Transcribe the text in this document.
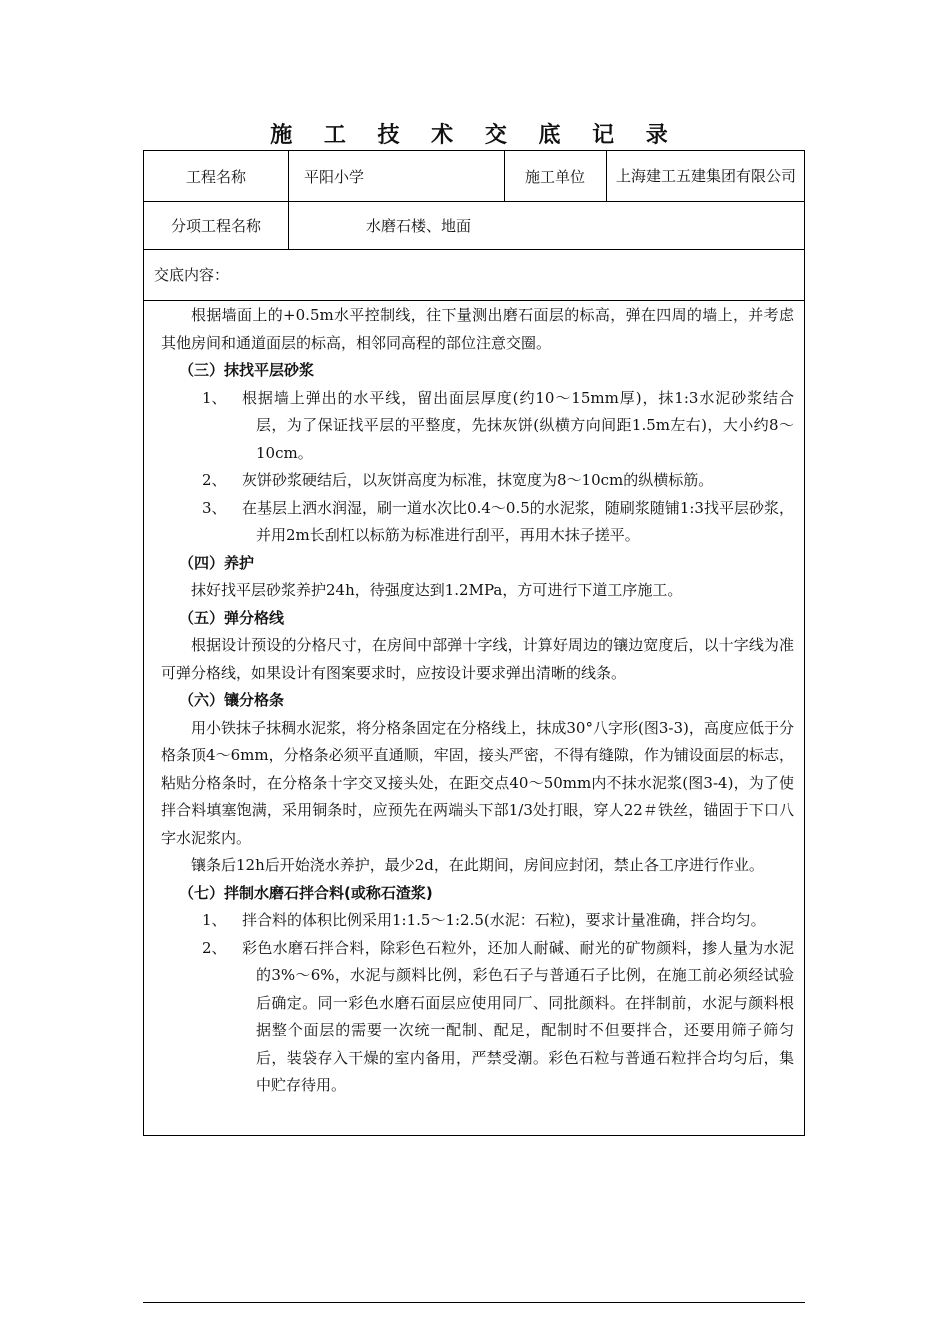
施 工 技 术 交 底 记 录
工程名称	平阳小学	施工单位	上海建工五建集团有限公司
分项工程名称	水磨石楼、地面
交底内容：

根据墙面上的+0.5m水平控制线，往下量测出磨石面层的标高，弹在四周的墙上，并考虑其他房间和通道面层的标高，相邻同高程的部位注意交圈。

（三）抹找平层砂浆

1、 根据墙上弹出的水平线，留出面层厚度(约10～15mm厚)，抹1:3水泥砂浆结合层，为了保证找平层的平整度，先抹灰饼(纵横方向间距1.5m左右)，大小约8～10cm。
2、 灰饼砂浆硬结后，以灰饼高度为标准，抹宽度为8～10cm的纵横标筋。
3、 在基层上洒水润湿，刷一道水次比0.4～0.5的水泥浆，随刷浆随铺1:3找平层砂浆，并用2m长刮杠以标筋为标准进行刮平，再用木抹子搓平。

（四）养护

抹好找平层砂浆养护24h，待强度达到1.2MPa，方可进行下道工序施工。

（五）弹分格线

根据设计预设的分格尺寸，在房间中部弹十字线，计算好周边的镶边宽度后，以十字线为准可弹分格线，如果设计有图案要求时，应按设计要求弹出清晰的线条。

（六）镶分格条

用小铁抹子抹稠水泥浆，将分格条固定在分格线上，抹成30°八字形(图3-3)，高度应低于分格条顶4～6mm，分格条必须平直通顺，牢固，接头严密，不得有缝隙，作为铺设面层的标志，粘贴分格条时，在分格条十字交叉接头处，在距交点40～50mm内不抹水泥浆(图3-4)，为了使拌合料填塞饱满，采用铜条时，应预先在两端头下部1/3处打眼，穿人22＃铁丝，锚固于下口八字水泥浆内。

镶条后12h后开始浇水养护，最少2d，在此期间，房间应封闭，禁止各工序进行作业。

（七）拌制水磨石拌合料(或称石渣浆)

1、 拌合料的体积比例采用1:1.5～1:2.5(水泥：石粒)，要求计量准确，拌合均匀。
2、 彩色水磨石拌合料，除彩色石粒外，还加人耐碱、耐光的矿物颜料，掺人量为水泥的3%～6%，水泥与颜料比例，彩色石子与普通石子比例，在施工前必须经试验后确定。同一彩色水磨石面层应使用同厂、同批颜料。在拌制前，水泥与颜料根据整个面层的需要一次统一配制、配足，配制时不但要拌合，还要用筛子筛匀后，装袋存入干燥的室内备用，严禁受潮。彩色石粒与普通石粒拌合均匀后，集中贮存待用。
